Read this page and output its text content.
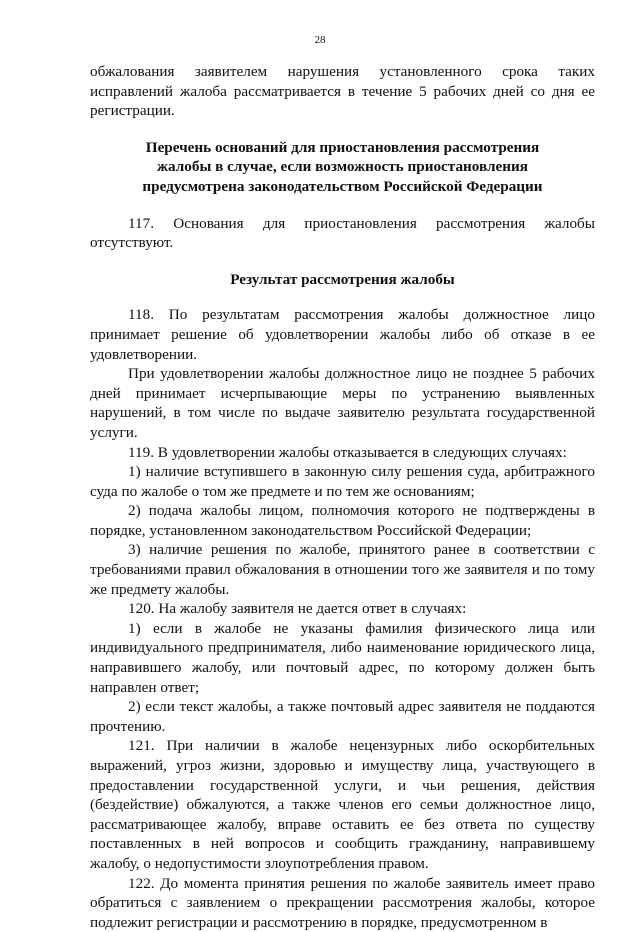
28

обжалования заявителем нарушения установленного срока таких исправлений жалоба рассматривается в течение 5 рабочих дней со дня ее регистрации.

Перечень оснований для приостановления рассмотрения

жалобы в случае, если возможность приостановления

предусмотрена законодательством Российской Федерации

117. Основания для приостановления рассмотрения жалобы отсутствуют.

Результат рассмотрения жалобы

118. По результатам рассмотрения жалобы должностное лицо принимает решение об удовлетворении жалобы либо об отказе в ее удовлетворении.

При удовлетворении жалобы должностное лицо не позднее 5 рабочих дней принимает исчерпывающие меры по устранению выявленных нарушений, в том числе по выдаче заявителю результата государственной услуги.

119. В удовлетворении жалобы отказывается в следующих случаях:

1) наличие вступившего в законную силу решения суда, арбитражного суда по жалобе о том же предмете и по тем же основаниям;

2) подача жалобы лицом, полномочия которого не подтверждены в порядке, установленном законодательством Российской Федерации;

3) наличие решения по жалобе, принятого ранее в соответствии с требованиями правил обжалования в отношении того же заявителя и по тому же предмету жалобы.

120. На жалобу заявителя не дается ответ в случаях:

1) если в жалобе не указаны фамилия физического лица или индивидуального предпринимателя, либо наименование юридического лица, направившего жалобу, или почтовый адрес, по которому должен быть направлен ответ;

2) если текст жалобы, а также почтовый адрес заявителя не поддаются прочтению.

121. При наличии в жалобе нецензурных либо оскорбительных выражений, угроз жизни, здоровью и имуществу лица, участвующего в предоставлении государственной услуги, и чьи решения, действия (бездействие) обжалуются, а также членов его семьи должностное лицо, рассматривающее жалобу, вправе оставить ее без ответа по существу поставленных в ней вопросов и сообщить гражданину, направившему жалобу, о недопустимости злоупотребления правом.

122. До момента принятия решения по жалобе заявитель имеет право обратиться с заявлением о прекращении рассмотрения жалобы, которое подлежит регистрации и рассмотрению в порядке, предусмотренном в
